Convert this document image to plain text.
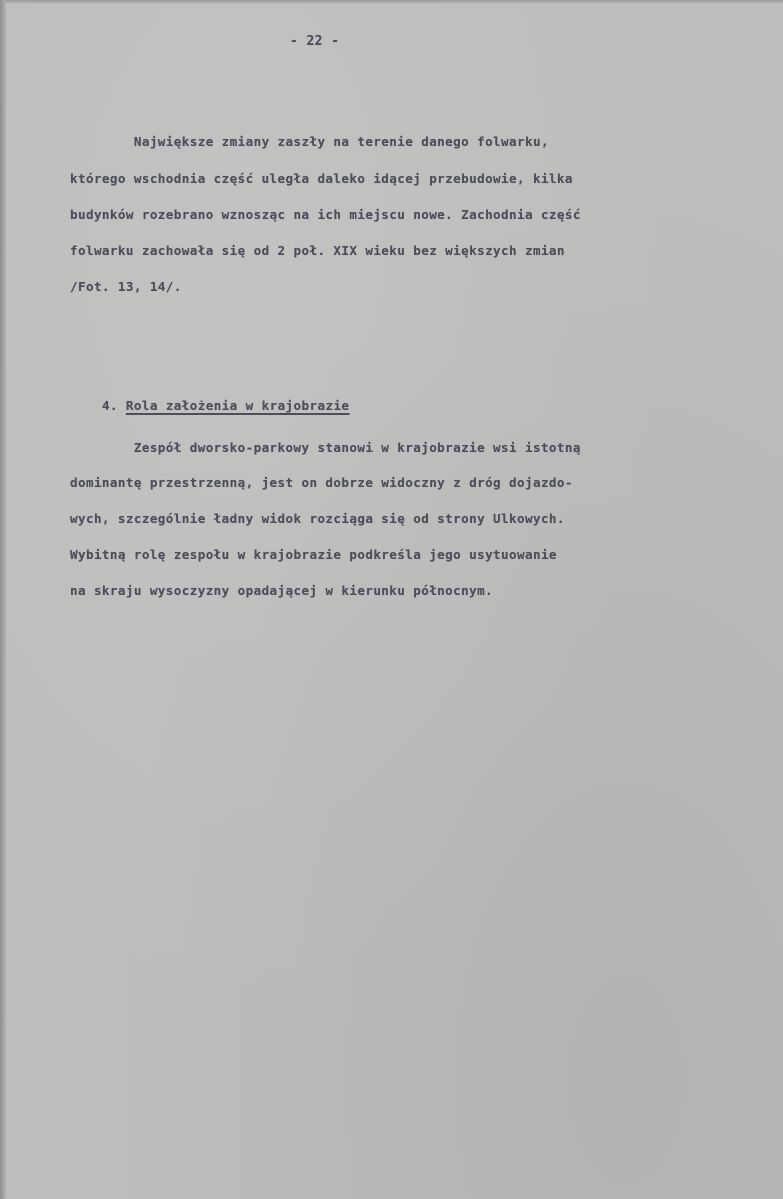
- 22 -
Największe zmiany zaszły na terenie danego folwarku,
którego wschodnia część uległa daleko idącej przebudowie, kilka
budynków rozebrano wznosząc na ich miejscu nowe. Zachodnia część
folwarku zachowała się od 2 poł. XIX wieku bez większych zmian
/Fot. 13, 14/.

4. Rola założenia w krajobrazie

Zespół dworsko-parkowy stanowi w krajobrazie wsi istotną
dominantę przestrzenną, jest on dobrze widoczny z dróg dojazdo-
wych, szczególnie ładny widok rozciąga się od strony Ulkowych.
Wybitną rolę zespołu w krajobrazie podkreśla jego usytuowanie
na skraju wysoczyzny opadającej w kierunku północnym.
